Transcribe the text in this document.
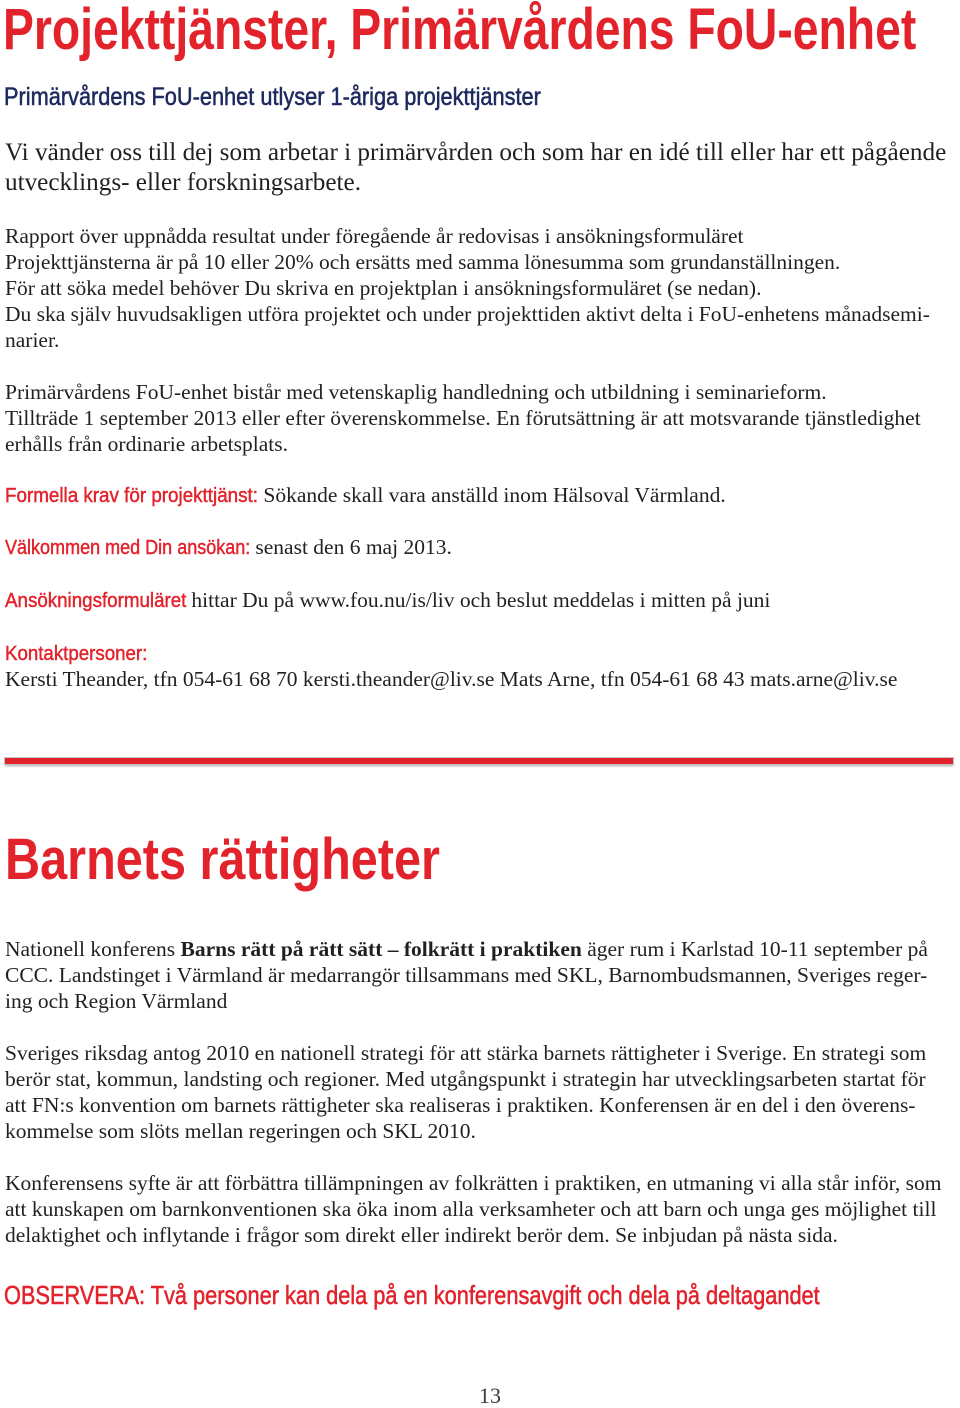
Projekttjänster, Primärvårdens FoU-enhet
Primärvårdens FoU-enhet utlyser 1-åriga projekttjänster
Vi vänder oss till dej som arbetar i primärvården och som har en idé till eller har ett pågående
utvecklings- eller forskningsarbete.
Rapport över uppnådda resultat under föregående år redovisas i ansökningsformuläret
Projekttjänsterna är på 10 eller 20% och ersätts med samma lönesumma som grundanställningen.
För att söka medel behöver Du skriva en projektplan i ansökningsformuläret (se nedan).
Du ska själv huvudsakligen utföra projektet och under projekttiden aktivt delta i FoU-enhetens månadsemi-
narier.
Primärvårdens FoU-enhet bistår med vetenskaplig handledning och utbildning i seminarieform.
Tillträde 1 september 2013 eller efter överenskommelse. En förutsättning är att motsvarande tjänstledighet
erhålls från ordinarie arbetsplats.
Formella krav för projekttjänst: Sökande skall vara anställd inom Hälsoval Värmland.
Välkommen med Din ansökan: senast den 6 maj 2013.
Ansökningsformuläret hittar Du på www.fou.nu/is/liv och beslut meddelas i mitten på juni
Kontaktpersoner:
Kersti Theander, tfn 054-61 68 70 kersti.theander@liv.se Mats Arne, tfn 054-61 68 43 mats.arne@liv.se
Barnets rättigheter
Nationell konferens Barns rätt på rätt sätt – folkrätt i praktiken äger rum i Karlstad 10-11 september på
CCC. Landstinget i Värmland är medarrangör tillsammans med SKL, Barnombudsmannen, Sveriges reger-
ing och Region Värmland
Sveriges riksdag antog 2010 en nationell strategi för att stärka barnets rättigheter i Sverige. En strategi som
berör stat, kommun, landsting och regioner. Med utgångspunkt i strategin har utvecklingsarbeten startat för
att FN:s konvention om barnets rättigheter ska realiseras i praktiken. Konferensen är en del i den överens-
kommelse som slöts mellan regeringen och SKL 2010.
Konferensens syfte är att förbättra tillämpningen av folkrätten i praktiken, en utmaning vi alla står inför, som
att kunskapen om barnkonventionen ska öka inom alla verksamheter och att barn och unga ges möjlighet till
delaktighet och inflytande i frågor som direkt eller indirekt berör dem. Se inbjudan på nästa sida.
OBSERVERA: Två personer kan dela på en konferensavgift och dela på deltagandet
13
